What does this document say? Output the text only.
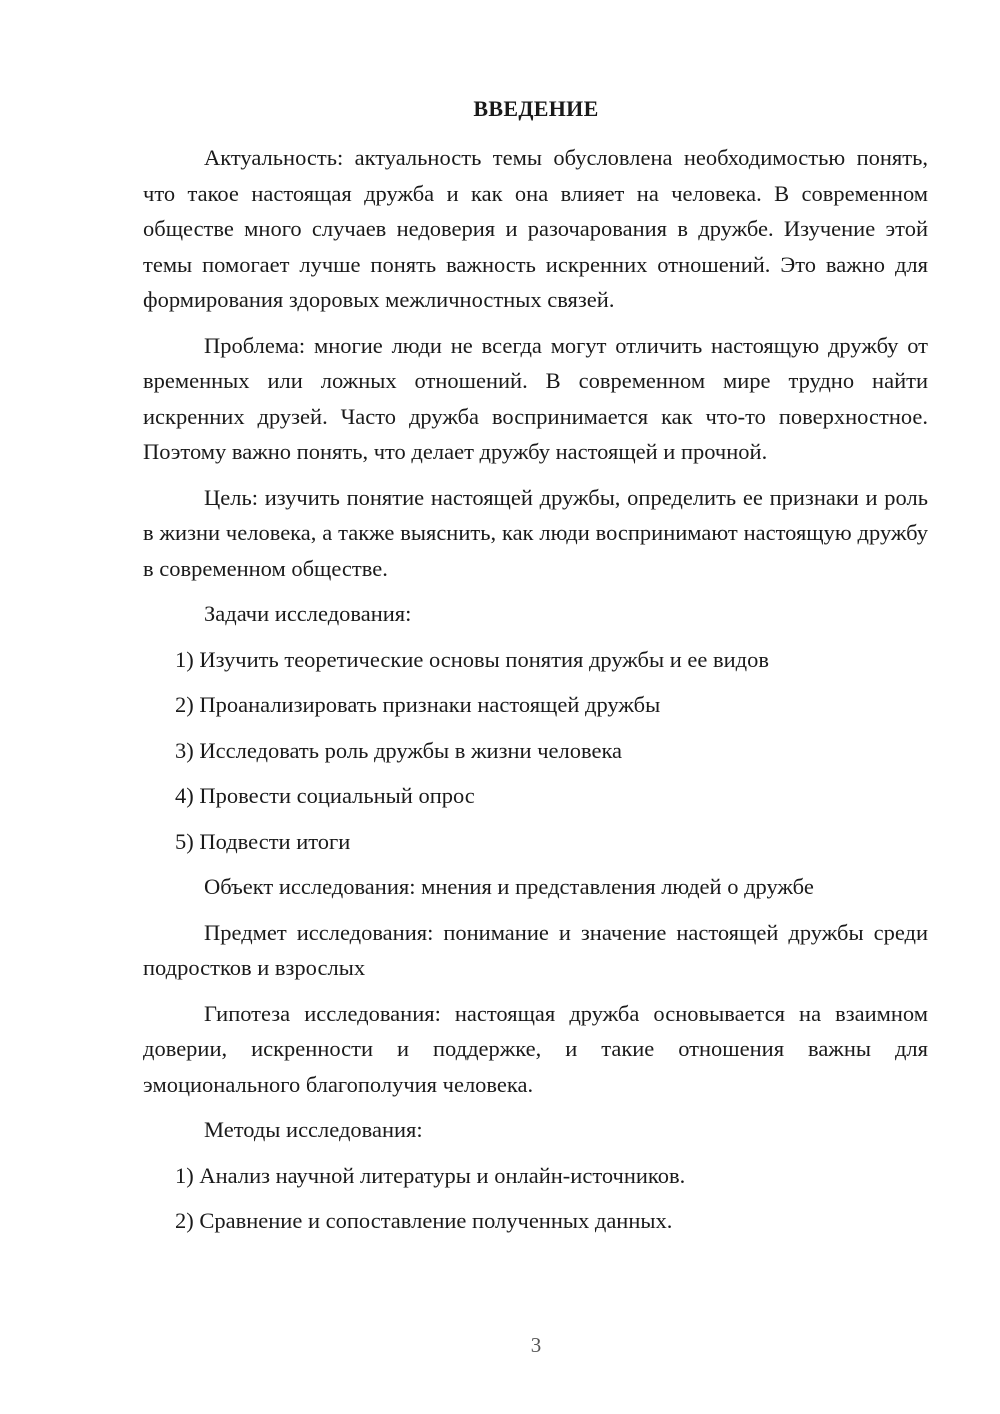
ВВЕДЕНИЕ

Актуальность: актуальность темы обусловлена необходимостью понять, что такое настоящая дружба и как она влияет на человека. В современном обществе много случаев недоверия и разочарования в дружбе. Изучение этой темы помогает лучше понять важность искренних отношений. Это важно для формирования здоровых межличностных связей.

Проблема: многие люди не всегда могут отличить настоящую дружбу от временных или ложных отношений. В современном мире трудно найти искренних друзей. Часто дружба воспринимается как что-то поверхностное. Поэтому важно понять, что делает дружбу настоящей и прочной.

Цель: изучить понятие настоящей дружбы, определить ее признаки и роль в жизни человека, а также выяснить, как люди воспринимают настоящую дружбу в современном обществе.

Задачи исследования:

1) Изучить теоретические основы понятия дружбы и ее видов

2) Проанализировать признаки настоящей дружбы

3) Исследовать роль дружбы в жизни человека

4) Провести социальный опрос

5) Подвести итоги

Объект исследования: мнения и представления людей о дружбе

Предмет исследования: понимание и значение настоящей дружбы среди подростков и взрослых

Гипотеза исследования: настоящая дружба основывается на взаимном доверии, искренности и поддержке, и такие отношения важны для эмоционального благополучия человека.

Методы исследования:

1) Анализ научной литературы и онлайн-источников.

2) Сравнение и сопоставление полученных данных.

3
